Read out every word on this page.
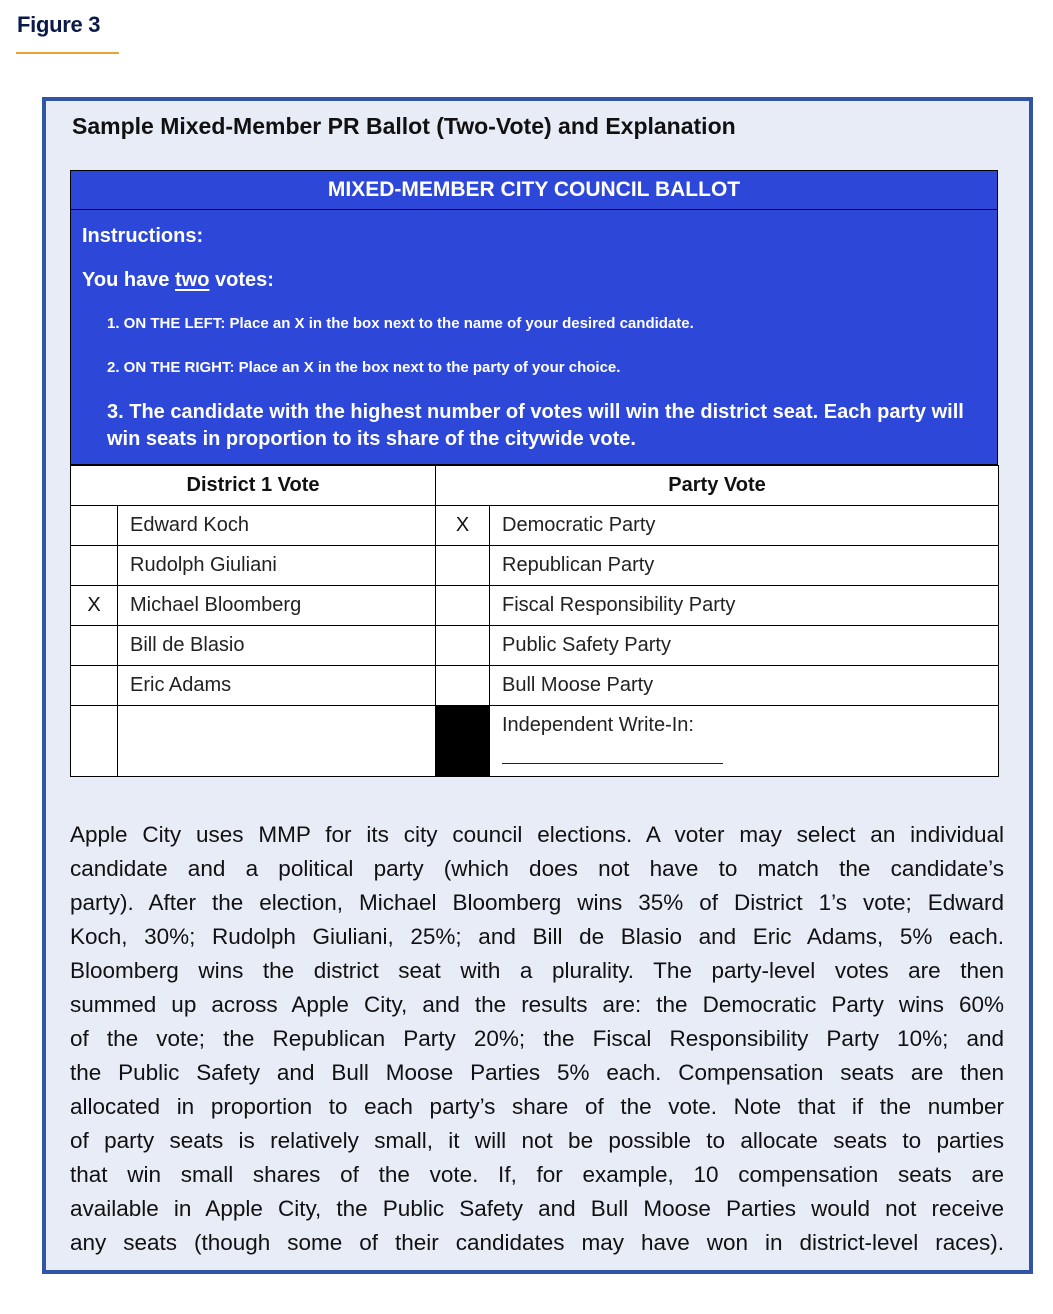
Figure 3
Sample Mixed-Member PR Ballot (Two-Vote) and Explanation
MIXED-MEMBER CITY COUNCIL BALLOT
Instructions:
You have two votes:
1. ON THE LEFT: Place an X in the box next to the name of your desired candidate.
2. ON THE RIGHT: Place an X in the box next to the party of your choice.
3. The candidate with the highest number of votes will win the district seat. Each party will win seats in proportion to its share of the citywide vote.
District 1 Vote		Party Vote	
	Edward Koch	X	Democratic Party
	Rudolph Giuliani		Republican Party
X	Michael Bloomberg		Fiscal Responsibility Party
	Bill de Blasio		Public Safety Party
	Eric Adams		Bull Moose Party

			Independent Write-In:
Apple City uses MMP for its city council elections. A voter may select an individual
candidate and a political party (which does not have to match the candidate’s
party). After the election, Michael Bloomberg wins 35% of District 1’s vote; Edward
Koch, 30%; Rudolph Giuliani, 25%; and Bill de Blasio and Eric Adams, 5% each.
Bloomberg wins the district seat with a plurality. The party-level votes are then
summed up across Apple City, and the results are: the Democratic Party wins 60%
of the vote; the Republican Party 20%; the Fiscal Responsibility Party 10%; and
the Public Safety and Bull Moose Parties 5% each. Compensation seats are then
allocated in proportion to each party’s share of the vote. Note that if the number
of party seats is relatively small, it will not be possible to allocate seats to parties
that win small shares of the vote. If, for example, 10 compensation seats are
available in Apple City, the Public Safety and Bull Moose Parties would not receive
any seats (though some of their candidates may have won in district-level races).
